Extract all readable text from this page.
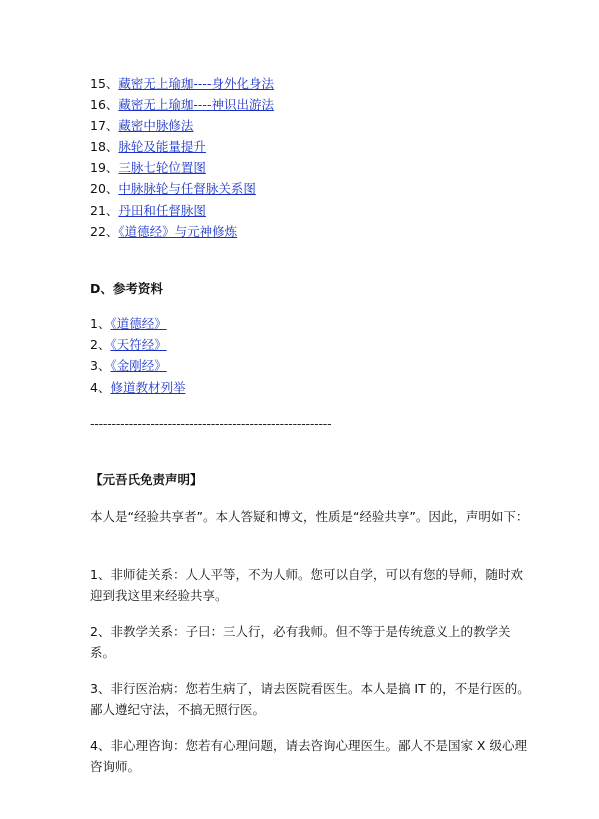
15、藏密无上瑜珈----身外化身法
16、藏密无上瑜珈----神识出游法
17、藏密中脉修法
18、脉轮及能量提升
19、三脉七轮位置图
20、中脉脉轮与任督脉关系图
21、丹田和任督脉图
22、《道德经》与元神修炼
D、参考资料
1、《道德经》
2、《天符经》
3、《金刚经》
4、修道教材列举
--------------------------------------------------------
【元吾氏免责声明】
本人是“经验共享者”。本人答疑和博文，性质是“经验共享”。因此，声明如下：
1、非师徒关系：人人平等，不为人师。您可以自学，可以有您的导师，随时欢迎到我这里来经验共享。
2、非教学关系：子曰：三人行，必有我师。但不等于是传统意义上的教学关系。
3、非行医治病：您若生病了，请去医院看医生。本人是搞 IT 的，不是行医的。鄙人遵纪守法，不搞无照行医。
4、非心理咨询：您若有心理问题，请去咨询心理医生。鄙人不是国家 X 级心理咨询师。
